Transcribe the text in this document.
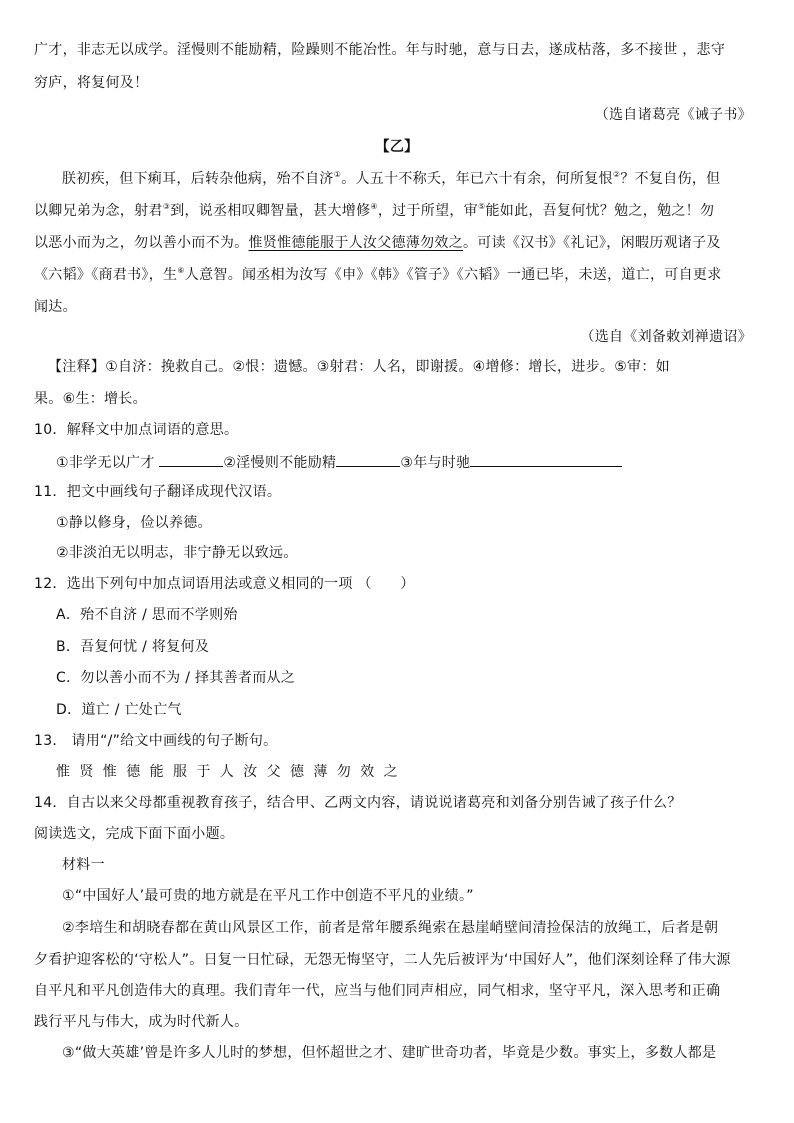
广才，非志无以成学。淫慢则不能励精，险躁则不能冶性。年与时驰，意与日去，遂成枯落，多不接世 ，悲守
穷庐，将复何及！
（选自诸葛亮《诫子书》
【乙】
朕初疾，但下痢耳，后转杂他病，殆不自济①。人五十不称夭，年已六十有余，何所复恨②？不复自伤，但
以卿兄弟为念，射君③到，说丞相叹卿智量，甚大增修④，过于所望，审⑤能如此，吾复何忧？勉之，勉之！勿
以恶小而为之，勿以善小而不为。惟贤惟德能服于人汝父德薄勿效之。可读《汉书》《礼记》，闲暇历观诸子及
《六韬》《商君书》，生⑥人意智。闻丞相为汝写《申》《韩》《管子》《六韬》一通已毕，未送，道亡，可自更求
闻达。
（选自《刘备敕刘禅遗诏》
【注释】①自济：挽救自己。②恨：遗憾。③射君：人名，即谢援。④增修：增长，进步。⑤审：如
果。⑥生：增长。
10．解释文中加点词语的意思。
①非学无以广才	②淫慢则不能励精	③年与时驰
11．把文中画线句子翻译成现代汉语。
①静以修身，俭以养德。
②非淡泊无以明志，非宁静无以致远。
12．选出下列句中加点词语用法或意义相同的一项 （　　）
A．殆不自济 / 思而不学则殆
B．吾复何忧 / 将复何及
C．勿以善小而不为 / 择其善者而从之
D．道亡 / 亡处亡气
13． 请用“/”给文中画线的句子断句。
惟贤惟德能服于人汝父德薄勿效之
14．自古以来父母都重视教育孩子，结合甲、乙两文内容，请说说诸葛亮和刘备分别告诫了孩子什么？
阅读选文，完成下面下面小题。
材料一
①“中国好人’最可贵的地方就是在平凡工作中创造不平凡的业绩。”
②李培生和胡晓春都在黄山风景区工作，前者是常年腰系绳索在悬崖峭壁间清捡保洁的放绳工，后者是朝
夕看护迎客松的‘守松人”。日复一日忙碌，无怨无悔坚守，二人先后被评为‘中国好人”，他们深刻诠释了伟大源
自平凡和平凡创造伟大的真理。我们青年一代，应当与他们同声相应，同气相求，坚守平凡，深入思考和正确
践行平凡与伟大，成为时代新人。
③“做大英雄’曾是许多人儿时的梦想，但怀超世之才、建旷世奇功者，毕竟是少数。事实上，多数人都是
